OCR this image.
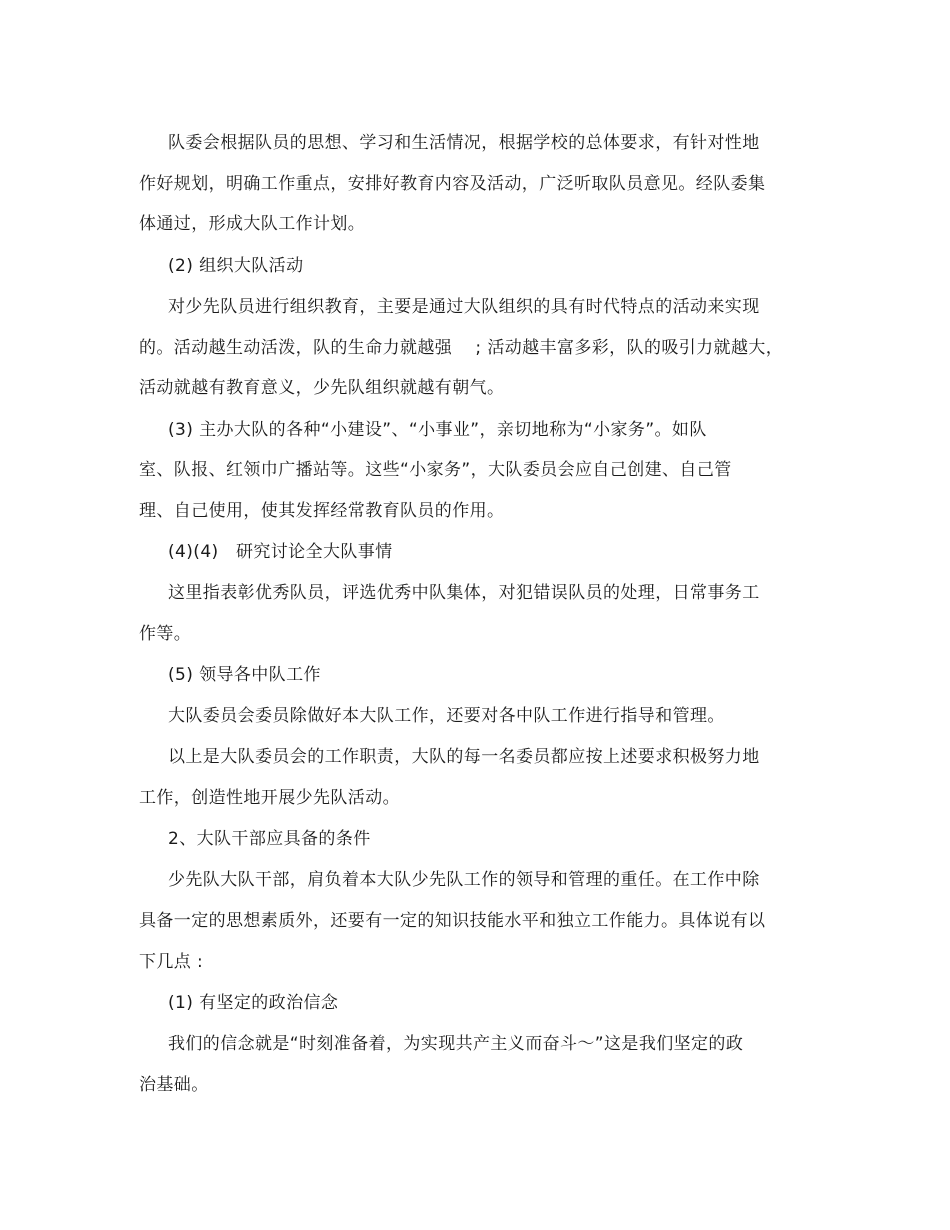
队委会根据队员的思想、学习和生活情况，根据学校的总体要求，有针对性地
作好规划，明确工作重点，安排好教育内容及活动，广泛听取队员意见。经队委集
体通过，形成大队工作计划。
(2) 组织大队活动
对少先队员进行组织教育，主要是通过大队组织的具有时代特点的活动来实现
的。活动越生动活泼，队的生命力就越强    ; 活动越丰富多彩，队的吸引力就越大，
活动就越有教育意义，少先队组织就越有朝气。
(3) 主办大队的各种“小建设”、“小事业”，亲切地称为“小家务”。如队
室、队报、红领巾广播站等。这些“小家务”，大队委员会应自己创建、自己管
理、自己使用，使其发挥经常教育队员的作用。
(4)(4)   研究讨论全大队事情
这里指表彰优秀队员，评选优秀中队集体，对犯错误队员的处理，日常事务工
作等。
(5) 领导各中队工作
大队委员会委员除做好本大队工作，还要对各中队工作进行指导和管理。
以上是大队委员会的工作职责，大队的每一名委员都应按上述要求积极努力地
工作，创造性地开展少先队活动。
2、大队干部应具备的条件
少先队大队干部，肩负着本大队少先队工作的领导和管理的重任。在工作中除
具备一定的思想素质外，还要有一定的知识技能水平和独立工作能力。具体说有以
下几点 :
(1) 有坚定的政治信念
我们的信念就是“时刻准备着，为实现共产主义而奋斗～”这是我们坚定的政
治基础。
